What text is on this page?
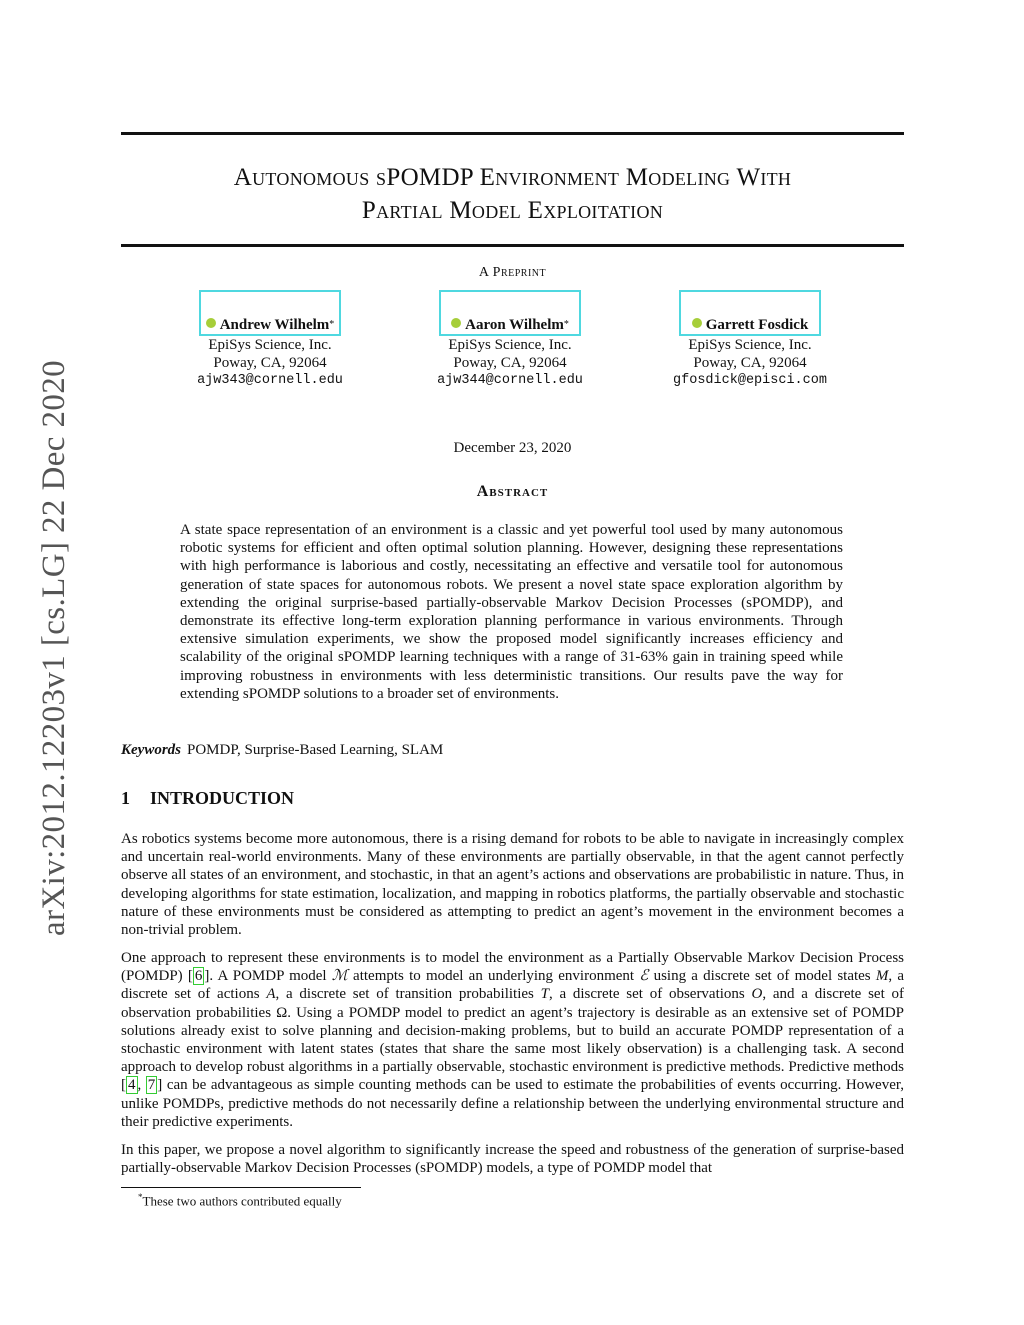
arXiv:2012.12203v1 [cs.LG] 22 Dec 2020
Autonomous sPOMDP Environment Modeling With
Partial Model Exploitation
A Preprint
Andrew Wilhelm*
EpiSys Science, Inc.
Poway, CA, 92064
ajw343@cornell.edu
Aaron Wilhelm*
EpiSys Science, Inc.
Poway, CA, 92064
ajw344@cornell.edu
Garrett Fosdick
EpiSys Science, Inc.
Poway, CA, 92064
gfosdick@episci.com
December 23, 2020
Abstract
A state space representation of an environment is a classic and yet powerful tool used by many autonomous robotic systems for efficient and often optimal solution planning. However, designing these representations with high performance is laborious and costly, necessitating an effective and versatile tool for autonomous generation of state spaces for autonomous robots. We present a novel state space exploration algorithm by extending the original surprise-based partially-observable Markov Decision Processes (sPOMDP), and demonstrate its effective long-term exploration planning performance in various environments. Through extensive simulation experiments, we show the proposed model significantly increases efficiency and scalability of the original sPOMDP learning techniques with a range of 31-63% gain in training speed while improving robustness in environments with less deterministic transitions. Our results pave the way for extending sPOMDP solutions to a broader set of environments.
Keywords POMDP, Surprise-Based Learning, SLAM
1 INTRODUCTION
As robotics systems become more autonomous, there is a rising demand for robots to be able to navigate in increasingly complex and uncertain real-world environments. Many of these environments are partially observable, in that the agent cannot perfectly observe all states of an environment, and stochastic, in that an agent’s actions and observations are probabilistic in nature. Thus, in developing algorithms for state estimation, localization, and mapping in robotics platforms, the partially observable and stochastic nature of these environments must be considered as attempting to predict an agent’s movement in the environment becomes a non-trivial problem.
One approach to represent these environments is to model the environment as a Partially Observable Markov Decision Process (POMDP) [ 6 ]. A POMDP model ℳ attempts to model an underlying environment ℰ using a discrete set of model states M, a discrete set of actions A, a discrete set of transition probabilities T, a discrete set of observations O, and a discrete set of observation probabilities Ω. Using a POMDP model to predict an agent’s trajectory is desirable as an extensive set of POMDP solutions already exist to solve planning and decision-making problems, but to build an accurate POMDP representation of a stochastic environment with latent states (states that share the same most likely observation) is a challenging task. A second approach to develop robust algorithms in a partially observable, stochastic environment is predictive methods. Predictive methods [ 4 , 7 ] can be advantageous as simple counting methods can be used to estimate the probabilities of events occurring. However, unlike POMDPs, predictive methods do not necessarily define a relationship between the underlying environmental structure and their predictive experiments.
In this paper, we propose a novel algorithm to significantly increase the speed and robustness of the generation of surprise-based partially-observable Markov Decision Processes (sPOMDP) models, a type of POMDP model that
*These two authors contributed equally
